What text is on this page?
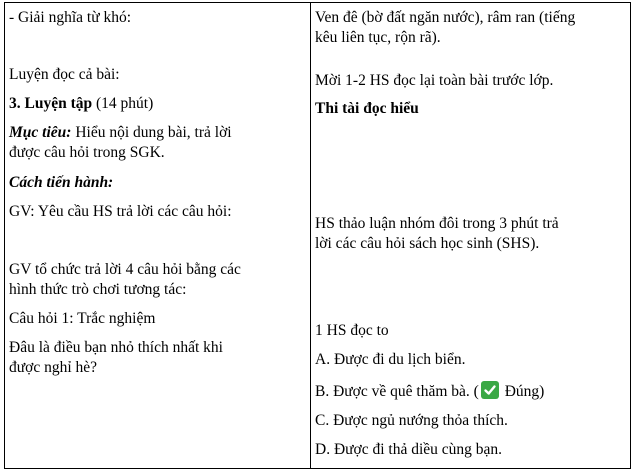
- Giải nghĩa từ khó:
Luyện đọc cả bài:
3. Luyện tập (14 phút)
Mục tiêu: Hiểu nội dung bài, trả lời
được câu hỏi trong SGK.
Cách tiến hành:
GV: Yêu cầu HS trả lời các câu hỏi:
GV tổ chức trả lời 4 câu hỏi bằng các
hình thức trò chơi tương tác:
Câu hỏi 1: Trắc nghiệm
Đâu là điều bạn nhỏ thích nhất khi
được nghỉ hè?
Ven đê (bờ đất ngăn nước), râm ran (tiếng
kêu liên tục, rộn rã).
Mời 1-2 HS đọc lại toàn bài trước lớp.
Thi tài đọc hiểu
HS thảo luận nhóm đôi trong 3 phút trả
lời các câu hỏi sách học sinh (SHS).
1 HS đọc to
A. Được đi du lịch biển.
B. Được về quê thăm bà. ( Đúng)
C. Được ngủ nướng thỏa thích.
D. Được đi thả diều cùng bạn.
